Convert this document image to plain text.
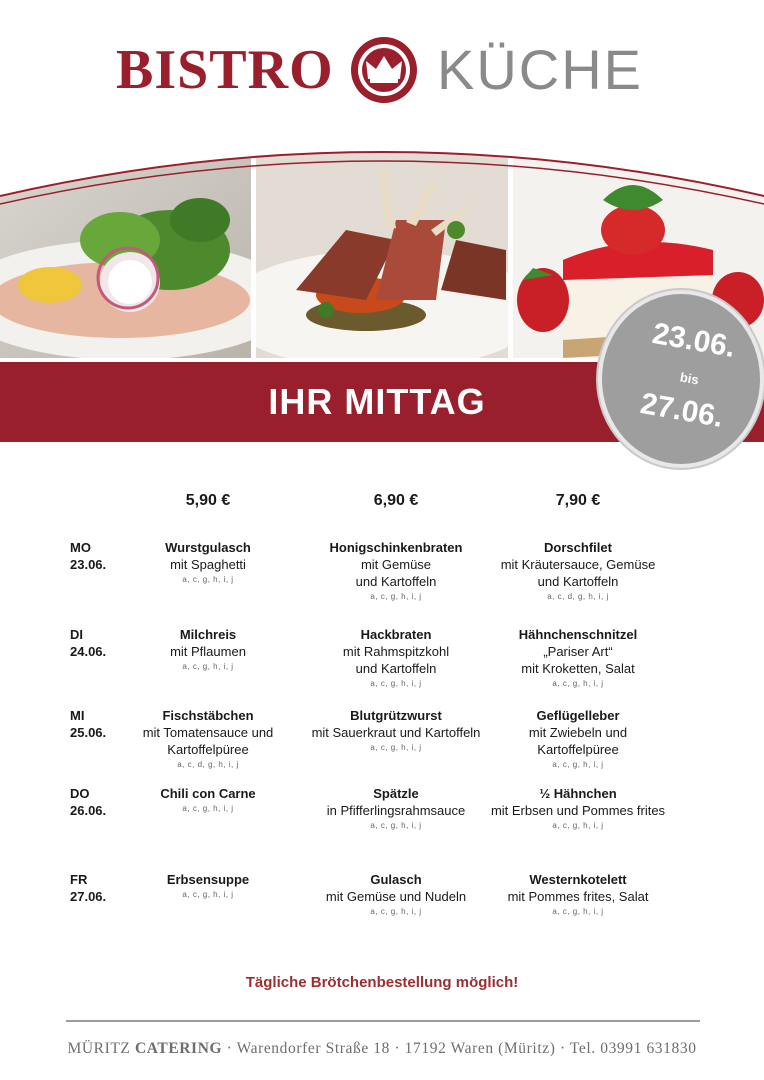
BISTRO KÜCHE
IHR MITTAG
23.06.
bis
27.06.
5,90 €	6,90 €	7,90 €
MO
23.06.
Wurstgulasch
mit Spaghetti
a, c, g, h, i, j
Honigschinkenbraten
mit Gemüse
und Kartoffeln
a, c, g, h, i, j
Dorschfilet
mit Kräutersauce, Gemüse
und Kartoffeln
a, c, d, g, h, i, j
DI
24.06.
Milchreis
mit Pflaumen
a, c, g, h, i, j
Hackbraten
mit Rahmspitzkohl
und Kartoffeln
a, c, g, h, i, j
Hähnchenschnitzel
„Pariser Art“
mit Kroketten, Salat
a, c, g, h, i, j
MI
25.06.
Fischstäbchen
mit Tomatensauce und
Kartoffelpüree
a, c, d, g, h, i, j
Blutgrützwurst
mit Sauerkraut und Kartoffeln
a, c, g, h, i, j
Geflügelleber
mit Zwiebeln und
Kartoffelpüree
a, c, g, h, i, j
DO
26.06.
Chili con Carne
a, c, g, h, i, j
Spätzle
in Pfifferlingsrahmsauce
a, c, g, h, i, j
½ Hähnchen
mit Erbsen und Pommes frites
a, c, g, h, i, j
FR
27.06.
Erbsensuppe
a, c, g, h, i, j
Gulasch
mit Gemüse und Nudeln
a, c, g, h, i, j
Westernkotelett
mit Pommes frites, Salat
a, c, g, h, i, j
Tägliche Brötchenbestellung möglich!
MÜRITZ CATERING · Warendorfer Straße 18 · 17192 Waren (Müritz) · Tel. 03991 631830
